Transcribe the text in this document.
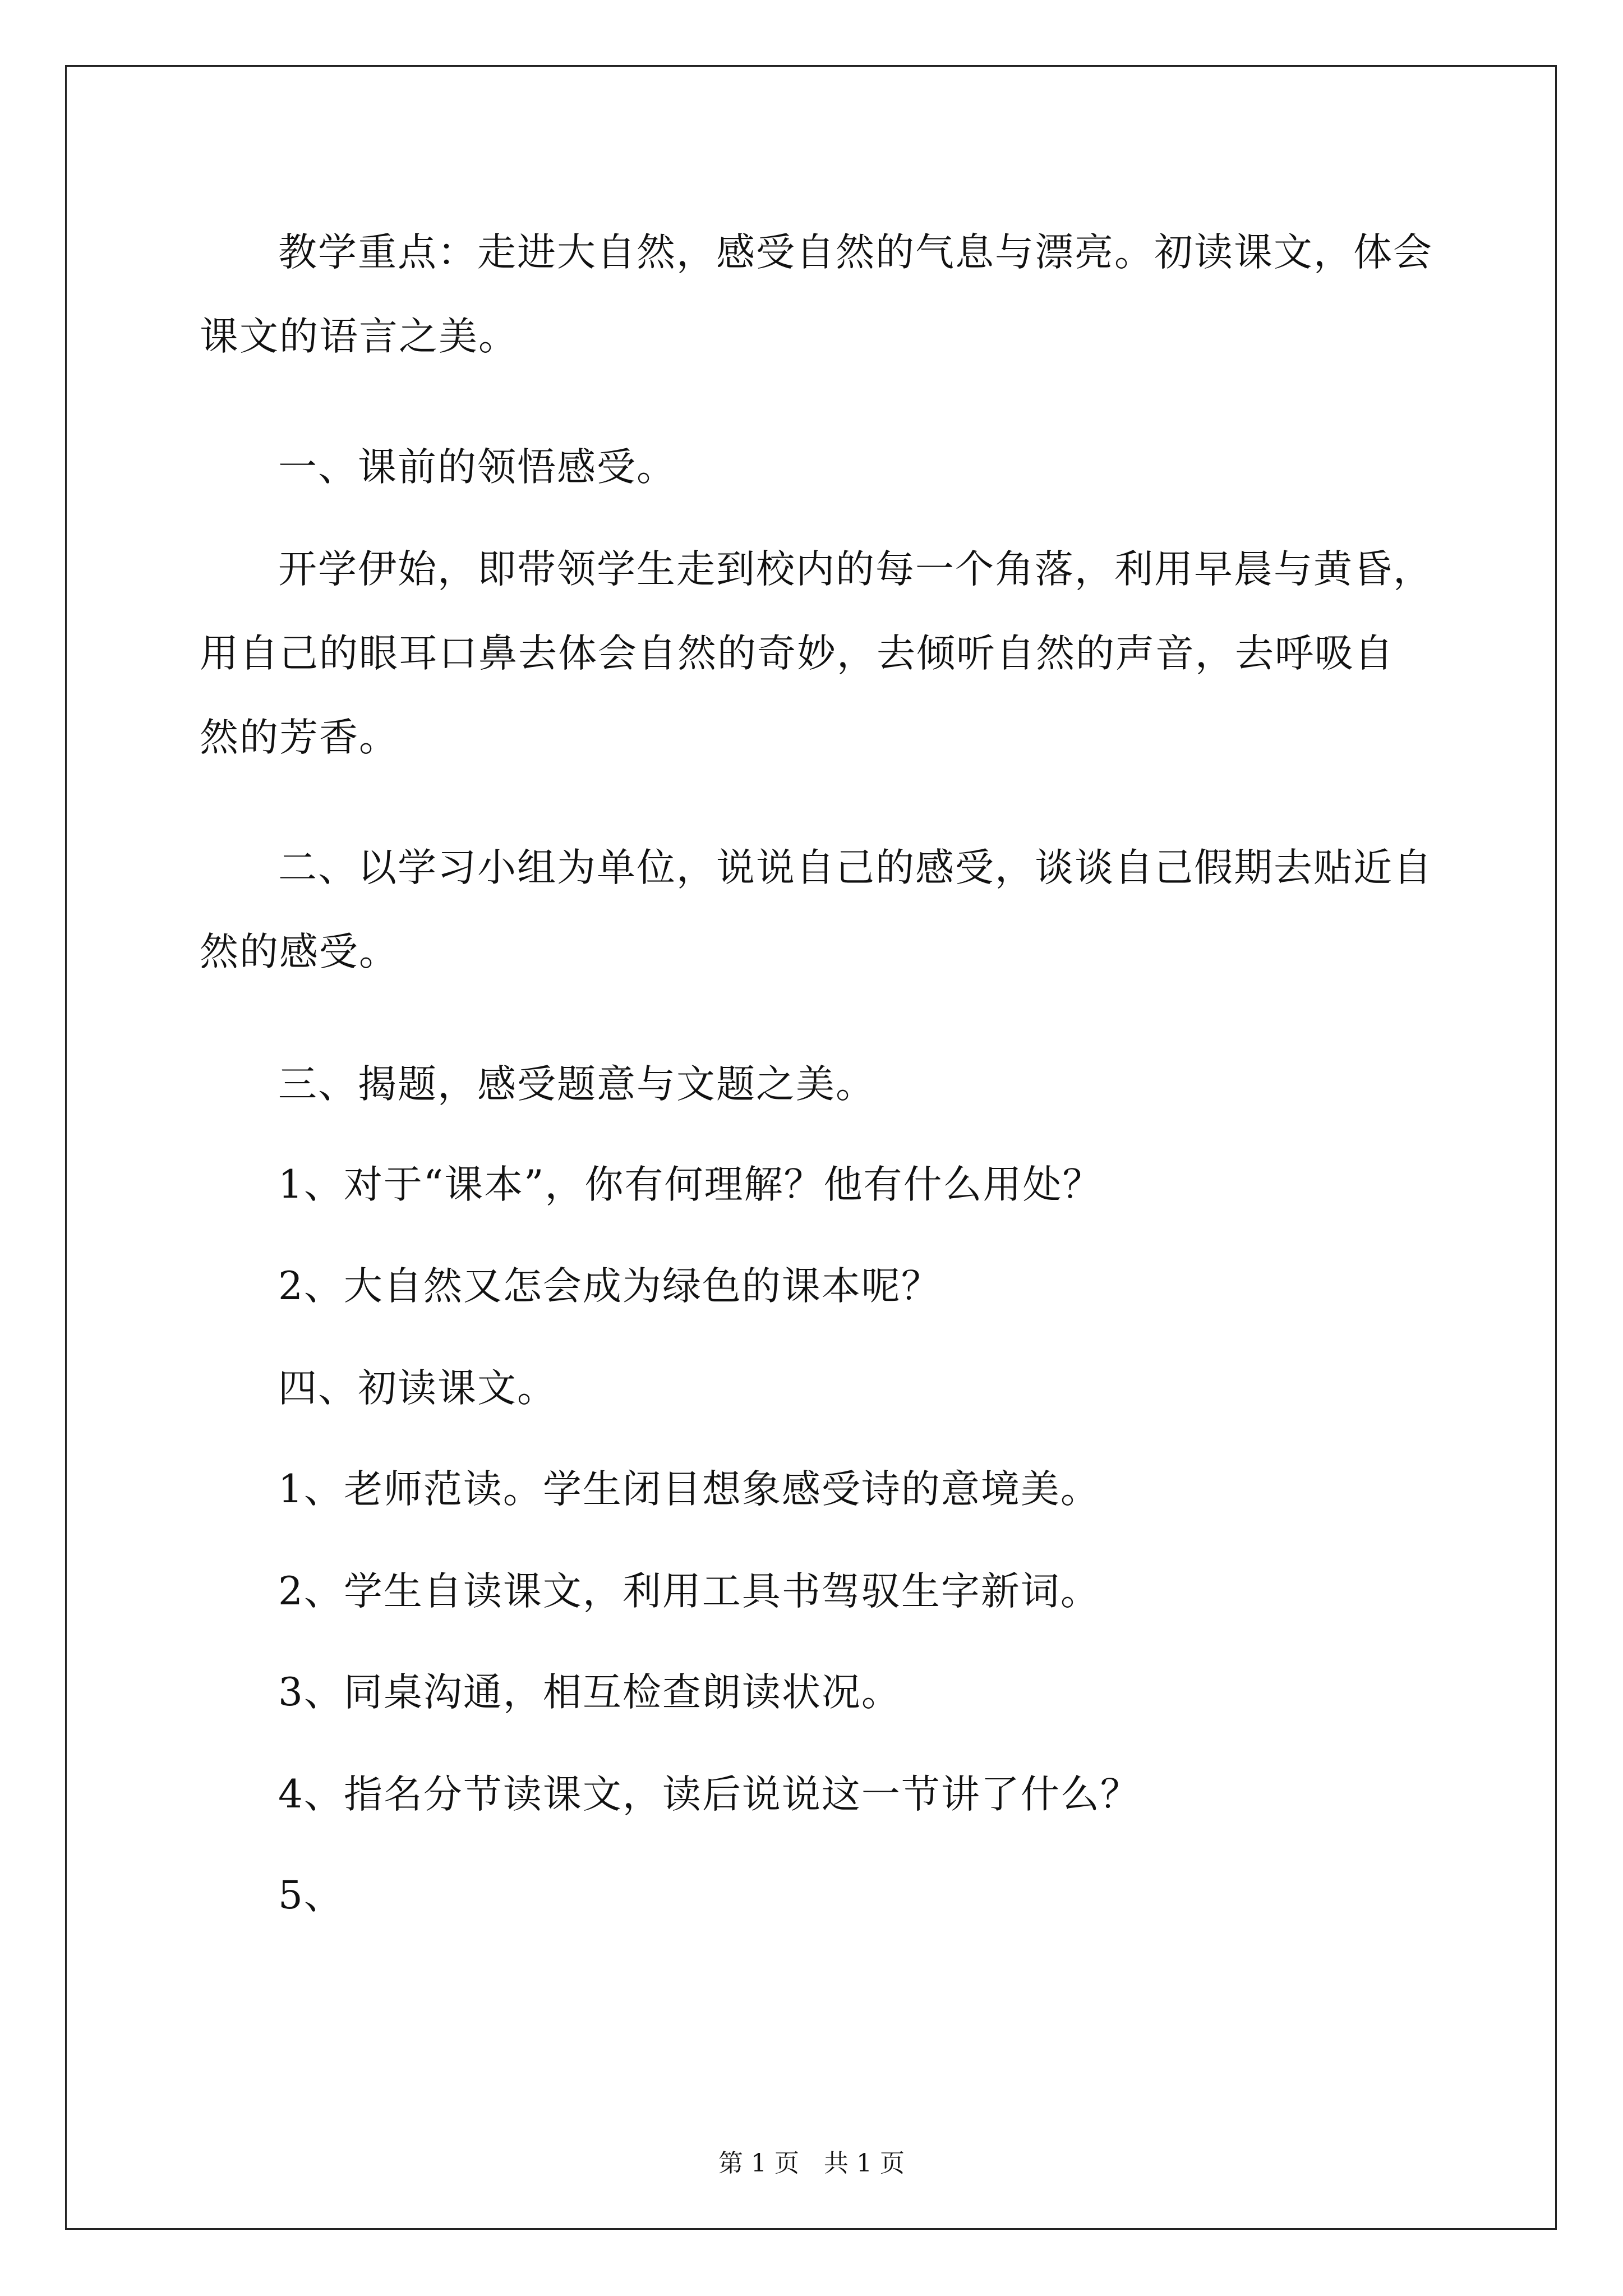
教学重点：走进大自然，感受自然的气息与漂亮。初读课文，体会课文的语言之美。

一、课前的领悟感受。

开学伊始，即带领学生走到校内的每一个角落，利用早晨与黄昏，用自己的眼耳口鼻去体会自然的奇妙，去倾听自然的声音，去呼吸自然的芳香。

二、以学习小组为单位，说说自己的感受，谈谈自己假期去贴近自然的感受。

三、揭题，感受题意与文题之美。

1、对于“课本”，你有何理解？他有什么用处？

2、大自然又怎会成为绿色的课本呢？

四、初读课文。

1、老师范读。学生闭目想象感受诗的意境美。

2、学生自读课文，利用工具书驾驭生字新词。

3、同桌沟通，相互检查朗读状况。

4、指名分节读课文，读后说说这一节讲了什么？

5、

第 1 页　共 1 页
